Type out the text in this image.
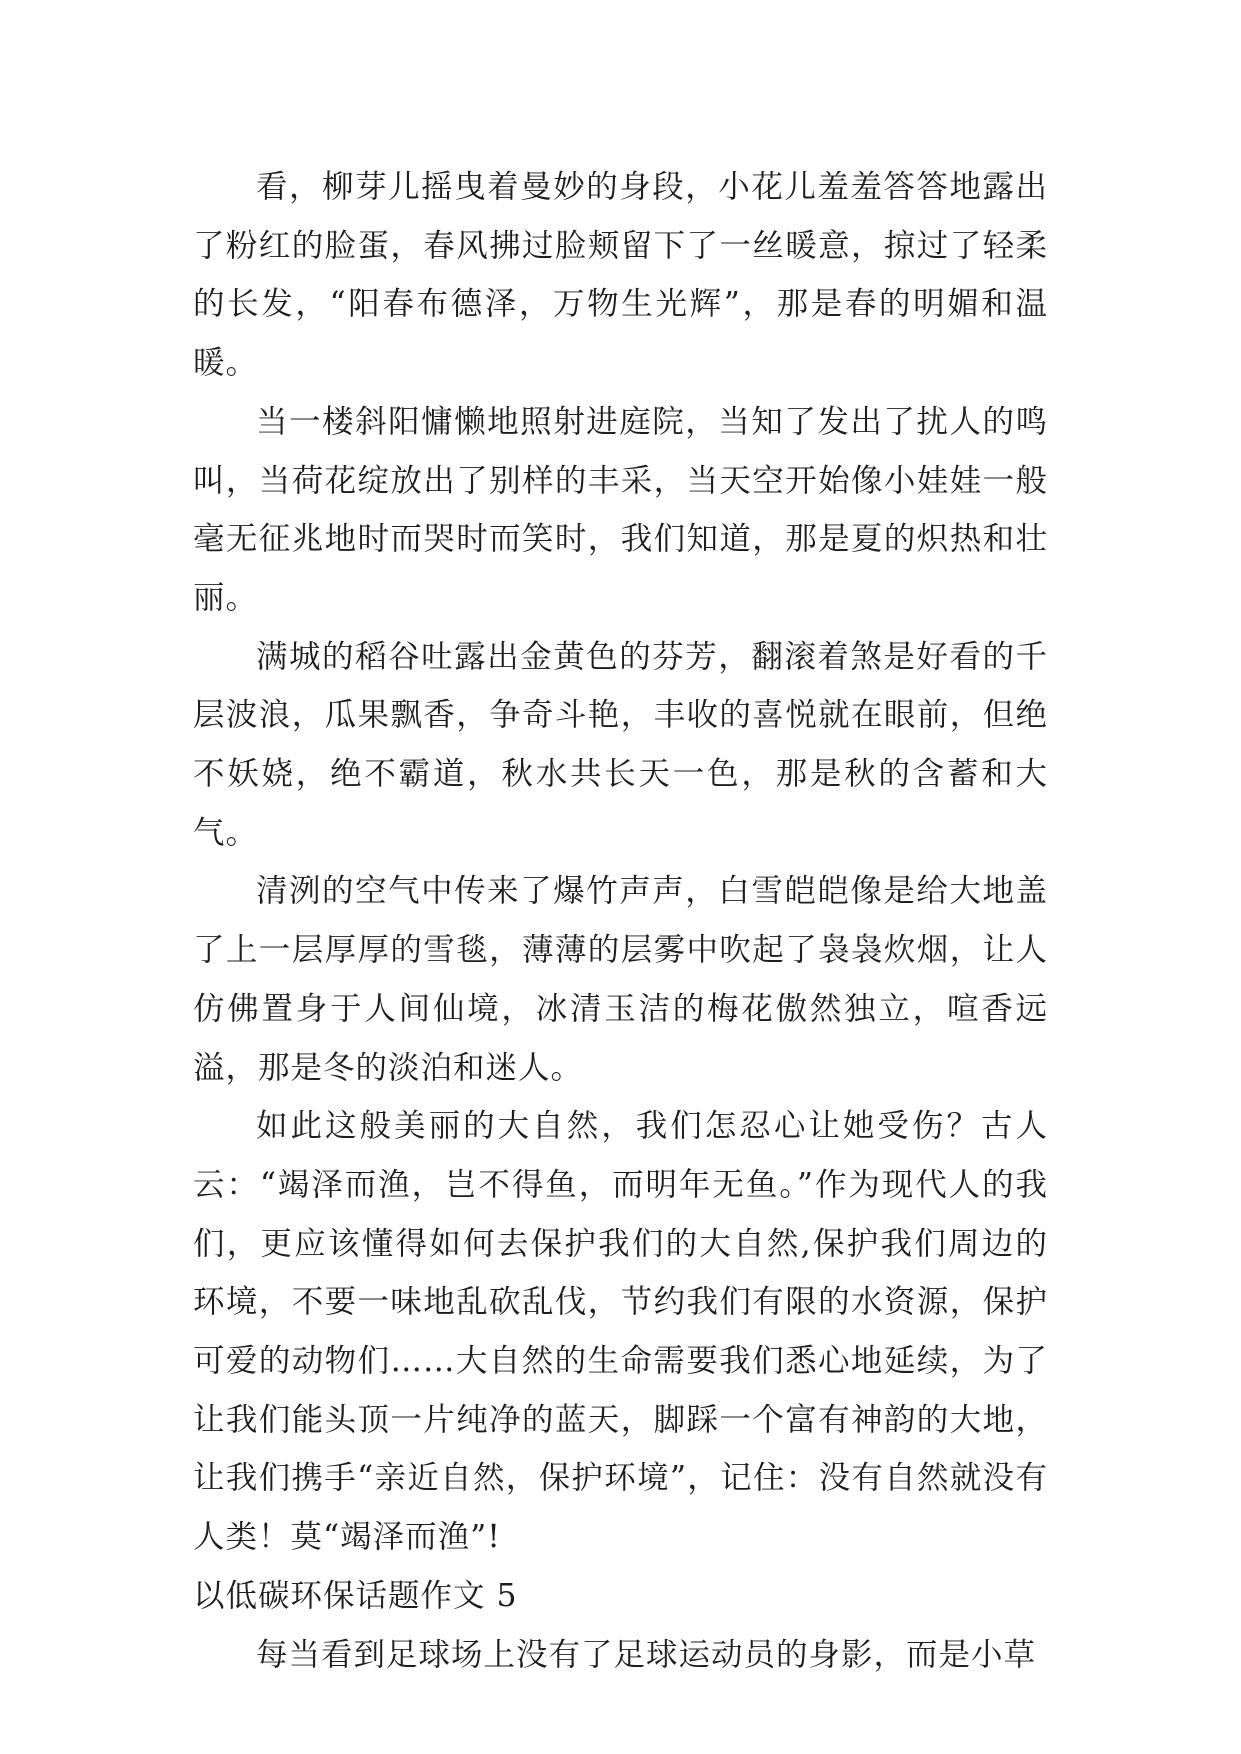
看，柳芽儿摇曳着曼妙的身段，小花儿羞羞答答地露出了粉红的脸蛋，春风拂过脸颊留下了一丝暖意，掠过了轻柔的长发，“阳春布德泽，万物生光辉”，那是春的明媚和温暖。

当一楼斜阳慵懒地照射进庭院，当知了发出了扰人的鸣叫，当荷花绽放出了别样的丰采，当天空开始像小娃娃一般毫无征兆地时而哭时而笑时，我们知道，那是夏的炽热和壮丽。

满城的稻谷吐露出金黄色的芬芳，翻滚着煞是好看的千层波浪，瓜果飘香，争奇斗艳，丰收的喜悦就在眼前，但绝不妖娆，绝不霸道，秋水共长天一色，那是秋的含蓄和大气。

清洌的空气中传来了爆竹声声，白雪皑皑像是给大地盖了上一层厚厚的雪毯，薄薄的层雾中吹起了袅袅炊烟，让人仿佛置身于人间仙境，冰清玉洁的梅花傲然独立，喧香远溢，那是冬的淡泊和迷人。

如此这般美丽的大自然，我们怎忍心让她受伤？古人云：“竭泽而渔，岂不得鱼，而明年无鱼。”作为现代人的我们，更应该懂得如何去保护我们的大自然,保护我们周边的环境，不要一味地乱砍乱伐，节约我们有限的水资源，保护可爱的动物们……大自然的生命需要我们悉心地延续，为了让我们能头顶一片纯净的蓝天，脚踩一个富有神韵的大地，让我们携手“亲近自然，保护环境”，记住：没有自然就没有人类！莫“竭泽而渔”!

以低碳环保话题作文 5

每当看到足球场上没有了足球运动员的身影，而是小草
